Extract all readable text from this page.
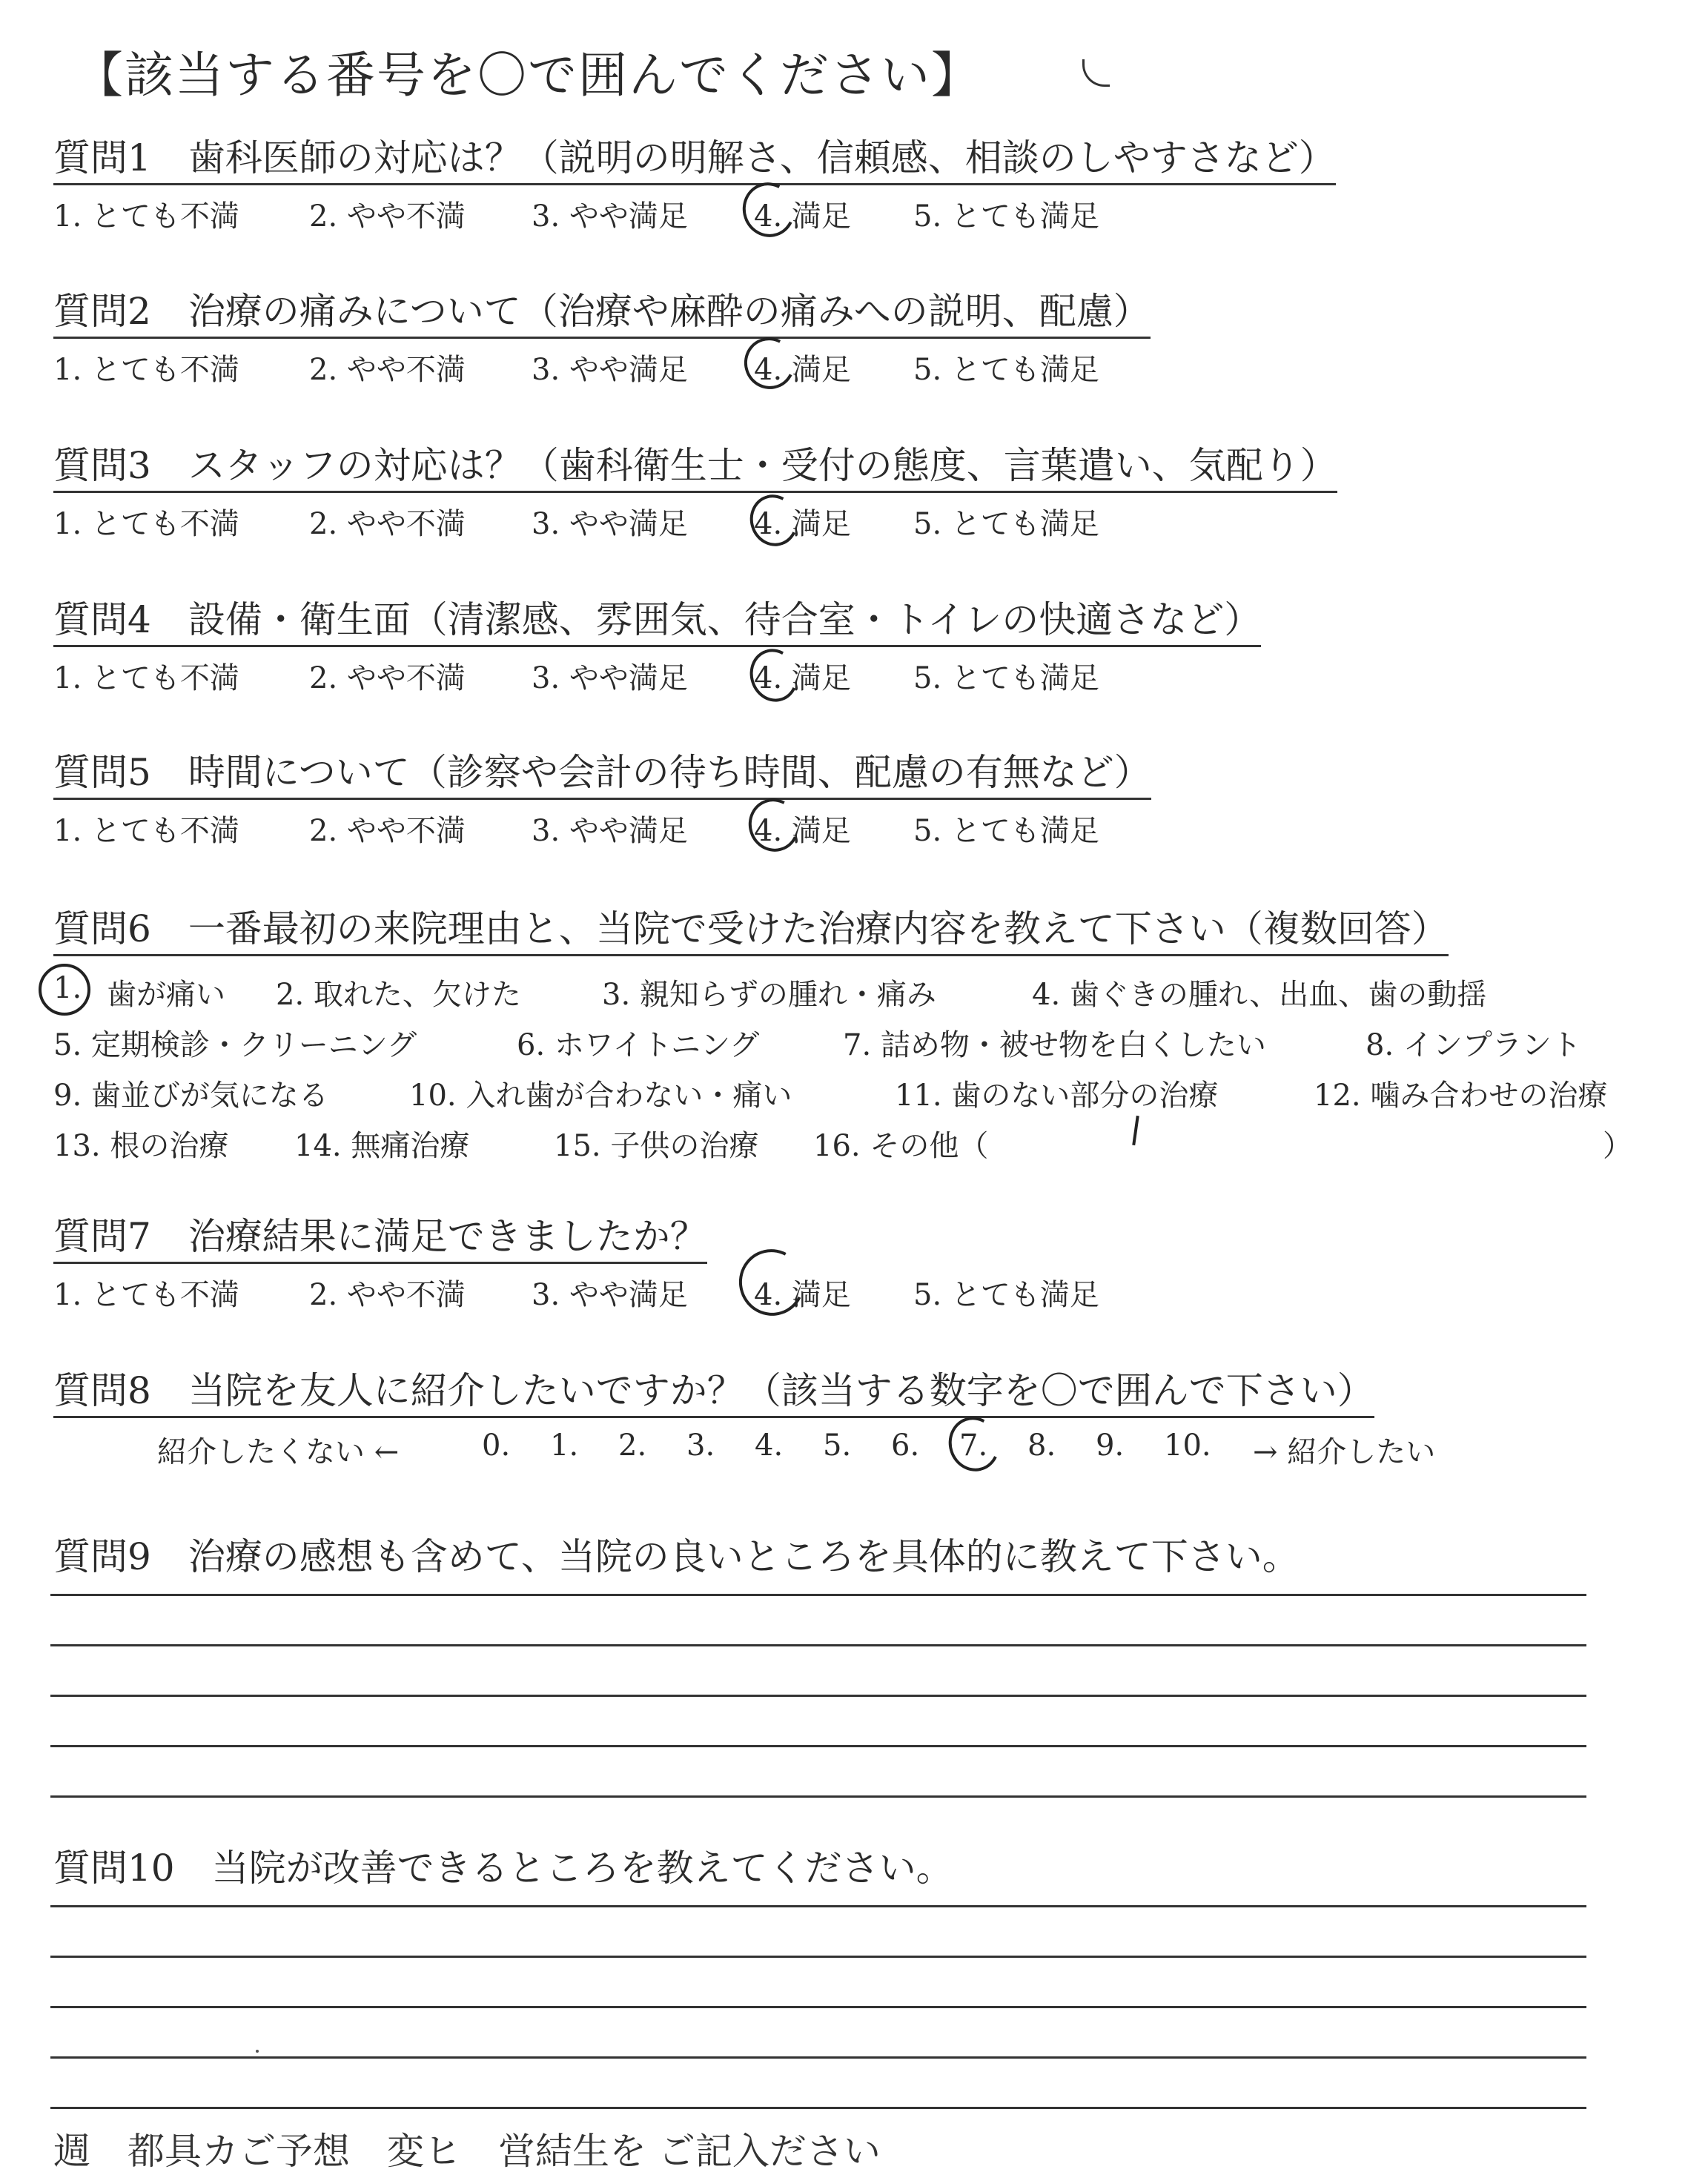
【該当する番号を〇で囲んでください】
質問1　 歯科医師の対応は？（説明の明解さ、信頼感、相談のしやすさなど）
1. とても不満 2. やや不満 3. やや満足 4. 満足 5. とても満足
質問2　 治療の痛みについて（治療や麻酔の痛みへの説明、配慮）
1. とても不満 2. やや不満 3. やや満足 4. 満足 5. とても満足
質問3　 スタッフの対応は？（歯科衛生士・受付の態度、言葉遣い、気配り）
1. とても不満 2. やや不満 3. やや満足 4. 満足 5. とても満足
質問4　 設備・衛生面（清潔感、雰囲気、待合室・トイレの快適さなど）
1. とても不満 2. やや不満 3. やや満足 4. 満足 5. とても満足
質問5　 時間について（診察や会計の待ち時間、配慮の有無など）
1. とても不満 2. やや不満 3. やや満足 4. 満足 5. とても満足
質問6　 一番最初の来院理由と、当院で受けた治療内容を教えて下さい（複数回答）
1. 歯が痛い 2. 取れた、欠けた	3. 親知らずの腫れ・痛み	4. 歯ぐきの腫れ、出血、歯の動揺
5. 定期検診・クリーニング	6. ホワイトニング	7. 詰め物・被せ物を白くしたい	8. インプラント
9. 歯並びが気になる	10. 入れ歯が合わない・痛い	11. 歯のない部分の治療	12. 噛み合わせの治療
13. 根の治療 14. 無痛治療	15. 子供の治療 16. その他（	）
質問7　 治療結果に満足できましたか？
1. とても不満 2. やや不満 3. やや満足 4. 満足 5. とても満足
質問8　 当院を友人に紹介したいですか？（該当する数字を〇で囲んで下さい）
紹介したくない ←	0. 1. 2. 3. 4. 5. 6. 7. 8. 9. 10. → 紹介したい
質問9　 治療の感想も含めて、当院の良いところを具体的に教えて下さい。
質問10　 当院が改善できるところを教えてください。
週　都具カご予想　変ヒ　営結生を ご記入ださい
